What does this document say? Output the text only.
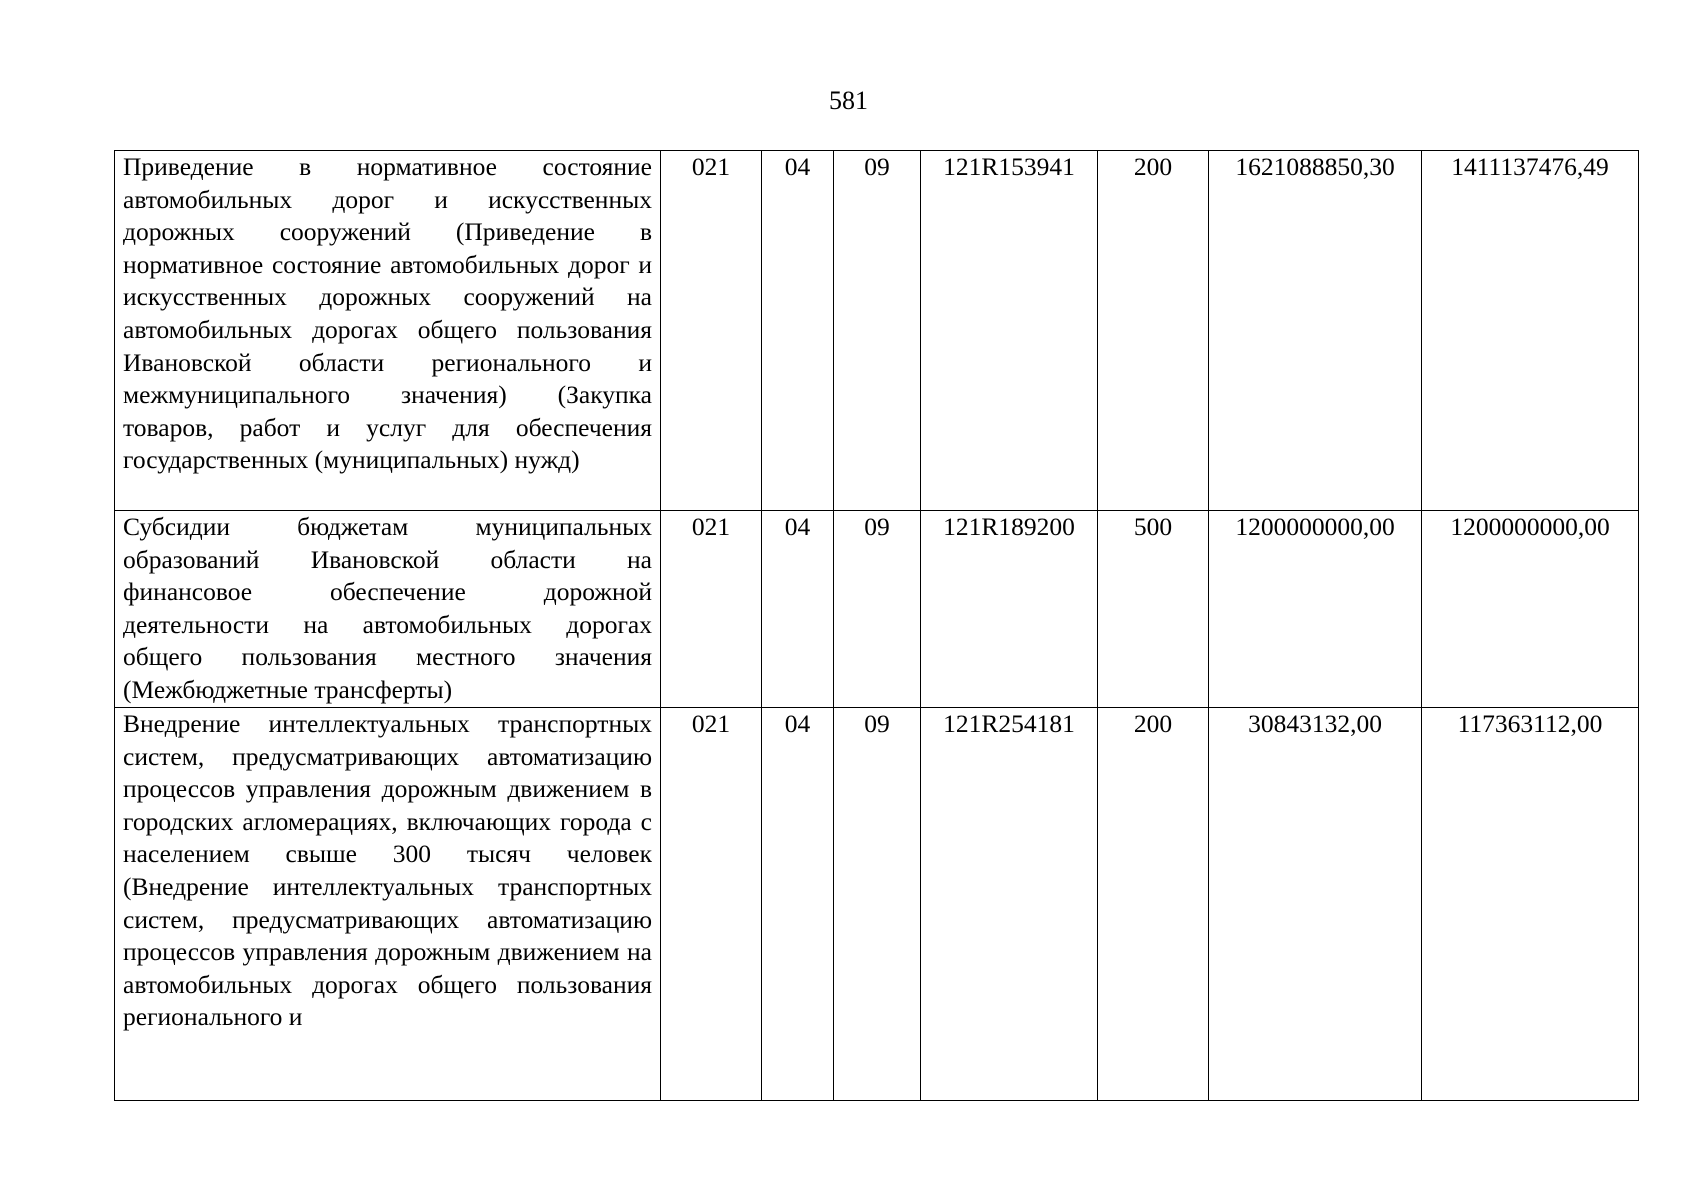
581
Приведение в нормативное состояние автомобильных дорог и искусственных дорожных сооружений (Приведение в нормативное состояние автомобильных дорог и искусственных дорожных сооружений на автомобильных дорогах общего пользования Ивановской области регионального и межмуниципального значения) (Закупка товаров, работ и услуг для обеспечения государственных (муниципальных) нужд)	021	04	09	121R153941	200	1621088850,30	1411137476,49
Субсидии бюджетам муниципальных образований Ивановской области на финансовое обеспечение дорожной деятельности на автомобильных дорогах общего пользования местного значения (Межбюджетные трансферты)	021	04	09	121R189200	500	1200000000,00	1200000000,00

Внедрение интеллектуальных транспортных систем, предусматривающих автоматизацию процессов управления дорожным движением в городских агломерациях, включающих города с населением свыше 300 тысяч человек (Внедрение интеллектуальных транспортных систем, предусматривающих автоматизацию процессов управления дорожным движением на автомобильных дорогах общего пользования регионального и	021	04	09	121R254181	200	30843132,00	117363112,00
